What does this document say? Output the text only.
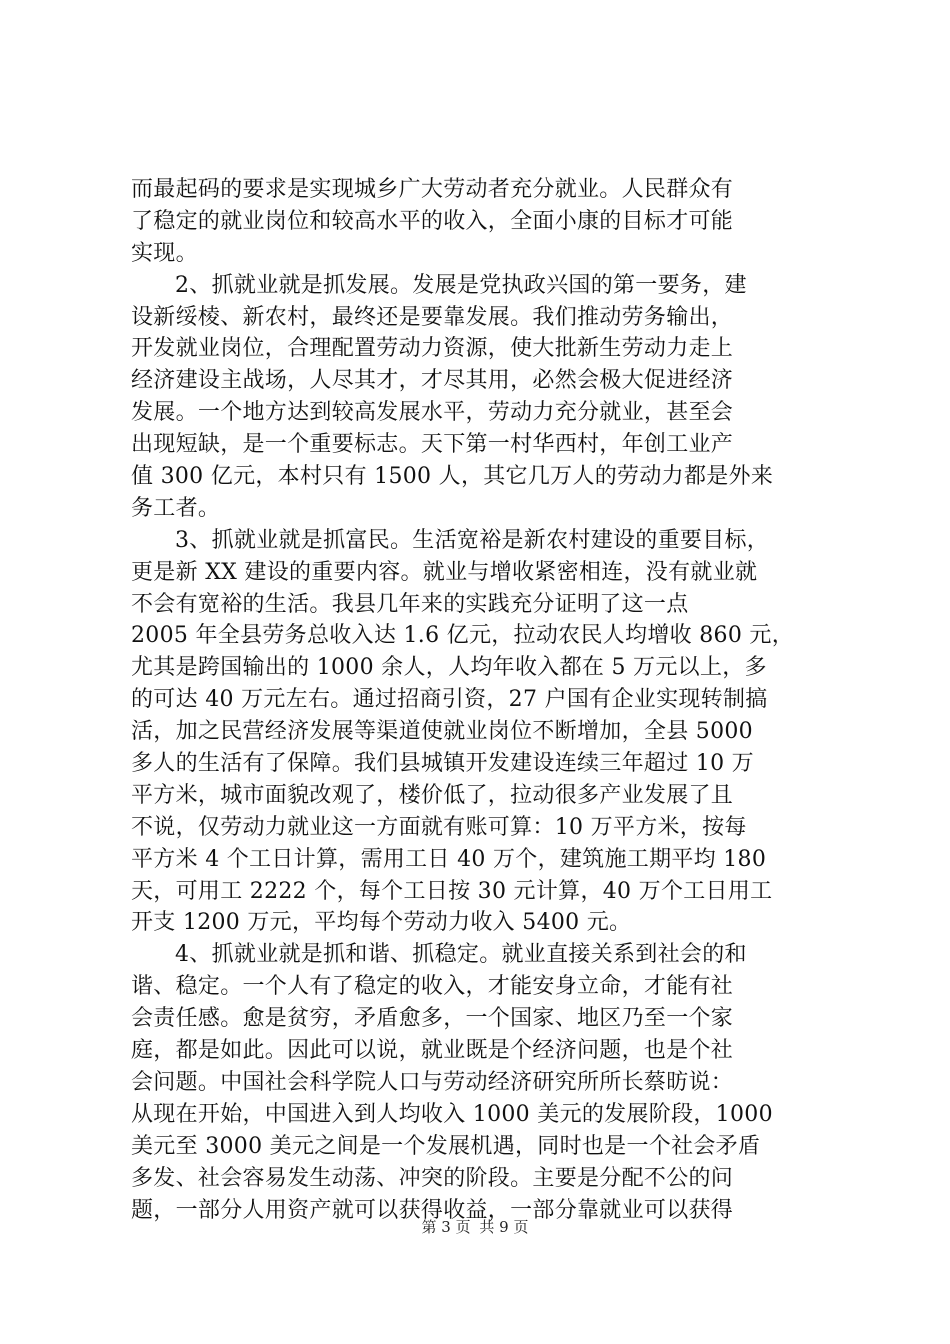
而最起码的要求是实现城乡广大劳动者充分就业。人民群众有
了稳定的就业岗位和较高水平的收入，全面小康的目标才可能
实现。
2、抓就业就是抓发展。发展是党执政兴国的第一要务，建
设新绥棱、新农村，最终还是要靠发展。我们推动劳务输出，
开发就业岗位，合理配置劳动力资源，使大批新生劳动力走上
经济建设主战场，人尽其才，才尽其用，必然会极大促进经济
发展。一个地方达到较高发展水平，劳动力充分就业，甚至会
出现短缺，是一个重要标志。天下第一村华西村，年创工业产
值 300 亿元，本村只有 1500 人，其它几万人的劳动力都是外来
务工者。
3、抓就业就是抓富民。生活宽裕是新农村建设的重要目标，
更是新 XX 建设的重要内容。就业与增收紧密相连，没有就业就
不会有宽裕的生活。我县几年来的实践充分证明了这一点
2005 年全县劳务总收入达 1.6 亿元，拉动农民人均增收 860 元，
尤其是跨国输出的 1000 余人，人均年收入都在 5 万元以上，多
的可达 40 万元左右。通过招商引资，27 户国有企业实现转制搞
活，加之民营经济发展等渠道使就业岗位不断增加，全县 5000
多人的生活有了保障。我们县城镇开发建设连续三年超过 10 万
平方米，城市面貌改观了，楼价低了，拉动很多产业发展了且
不说，仅劳动力就业这一方面就有账可算：10 万平方米，按每
平方米 4 个工日计算，需用工日 40 万个，建筑施工期平均 180
天，可用工 2222 个，每个工日按 30 元计算，40 万个工日用工
开支 1200 万元，平均每个劳动力收入 5400 元。
4、抓就业就是抓和谐、抓稳定。就业直接关系到社会的和
谐、稳定。一个人有了稳定的收入，才能安身立命，才能有社
会责任感。愈是贫穷，矛盾愈多，一个国家、地区乃至一个家
庭，都是如此。因此可以说，就业既是个经济问题，也是个社
会问题。中国社会科学院人口与劳动经济研究所所长蔡昉说：
从现在开始，中国进入到人均收入 1000 美元的发展阶段，1000
美元至 3000 美元之间是一个发展机遇，同时也是一个社会矛盾
多发、社会容易发生动荡、冲突的阶段。主要是分配不公的问
题，一部分人用资产就可以获得收益，一部分靠就业可以获得
第 3 页 共 9 页
